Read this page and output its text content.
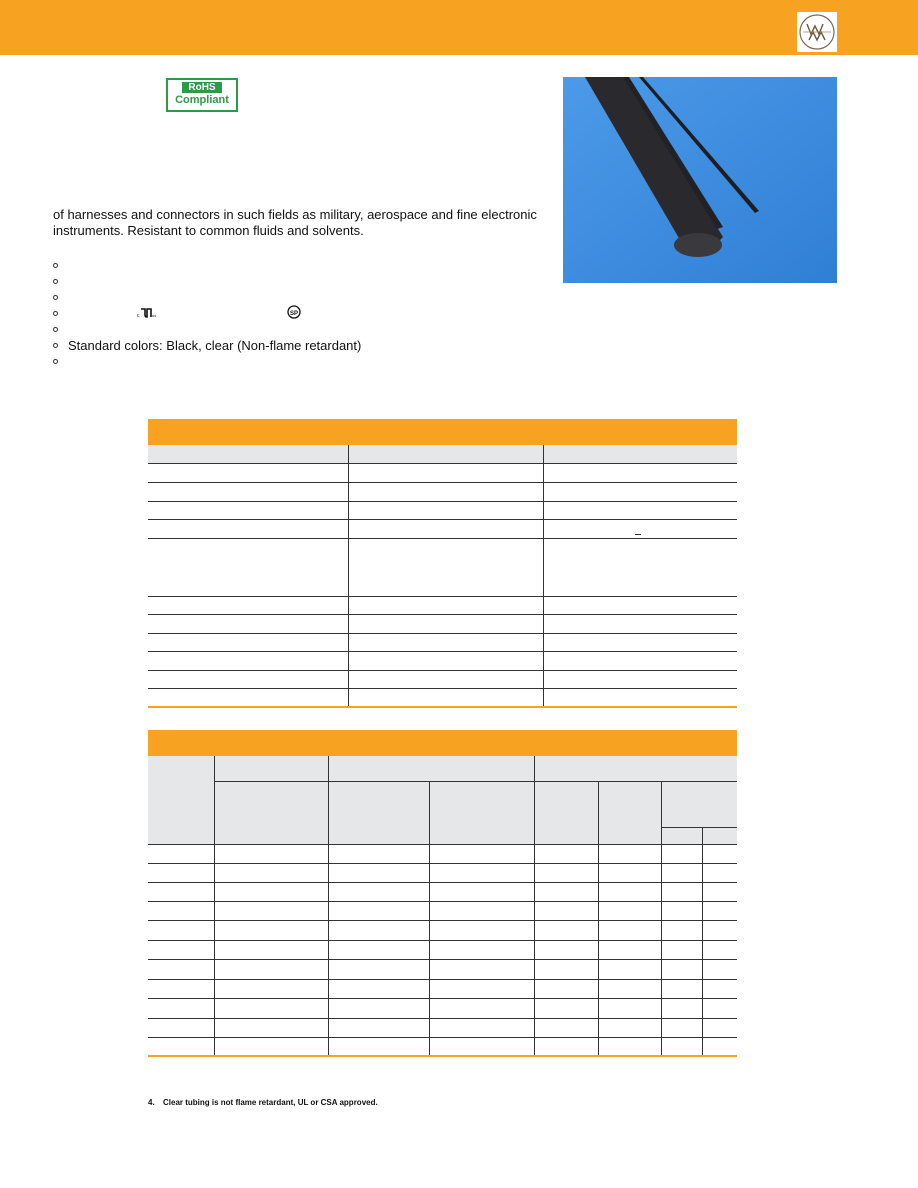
RoHS
Compliant
of harnesses and connectors in such fields as military, aerospace and fine electronic
instruments. Resistant to common fluids and solvents.
c	us	SP
Standard colors: Black, clear (Non-flame retardant)
4. Clear tubing is not flame retardant, UL or CSA approved.
